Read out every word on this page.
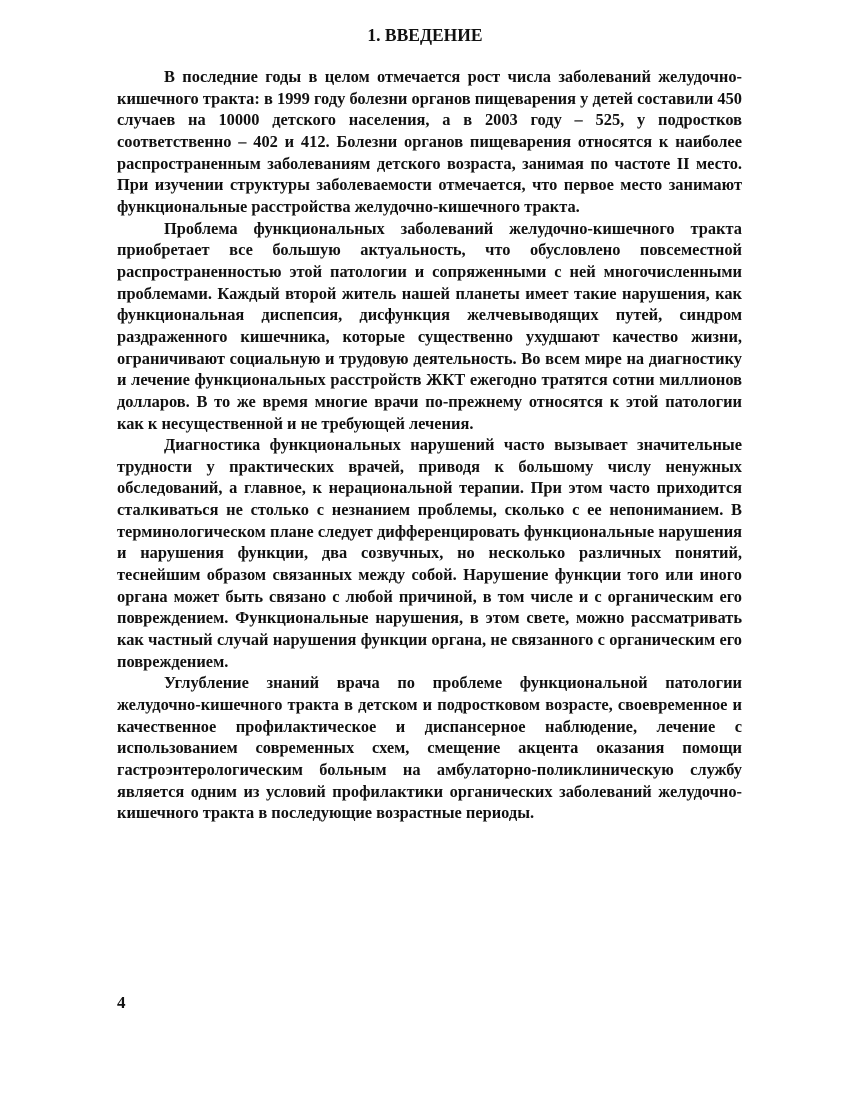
1. ВВЕДЕНИЕ

В последние годы в целом отмечается рост числа заболеваний желудочно-кишечного тракта: в 1999 году болезни органов пищеварения у детей составили 450 случаев на 10000 детского населения, а в 2003 году – 525, у подростков соответственно – 402 и 412. Болезни органов пищеварения относятся к наиболее распространенным заболеваниям детского возраста, занимая по частоте II место. При изучении структуры заболеваемости отмечается, что первое место занимают функциональные расстройства желудочно-кишечного тракта.

Проблема функциональных заболеваний желудочно-кишечного тракта приобретает все большую актуальность, что обусловлено повсеместной распространенностью этой патологии и сопряженными с ней многочисленными проблемами. Каждый второй житель нашей планеты имеет такие нарушения, как функциональная диспепсия, дисфункция желчевыводящих путей, синдром раздраженного кишечника, которые существенно ухудшают качество жизни, ограничивают социальную и трудовую деятельность. Во всем мире на диагностику и лечение функциональных расстройств ЖКТ ежегодно тратятся сотни миллионов долларов. В то же время многие врачи по-прежнему относятся к этой патологии как к несущественной и не требующей лечения.

Диагностика функциональных нарушений часто вызывает значительные трудности у практических врачей, приводя к большому числу ненужных обследований, а главное, к нерациональной терапии. При этом часто приходится сталкиваться не столько с незнанием проблемы, сколько с ее непониманием. В терминологическом плане следует дифференцировать функциональные нарушения и нарушения функции, два созвучных, но несколько различных понятий, теснейшим образом связанных между собой. Нарушение функции того или иного органа может быть связано с любой причиной, в том числе и с органическим его повреждением. Функциональные нарушения, в этом свете, можно рассматривать как частный случай нарушения функции органа, не связанного с органическим его повреждением.

Углубление знаний врача по проблеме функциональной патологии желудочно-кишечного тракта в детском и подростковом возрасте, своевременное и качественное профилактическое и диспансерное наблюдение, лечение с использованием современных схем, смещение акцента оказания помощи гастроэнтерологическим больным на амбулаторно-поликлиническую службу является одним из условий профилактики органических заболеваний желудочно-кишечного тракта в последующие возрастные периоды.

4
